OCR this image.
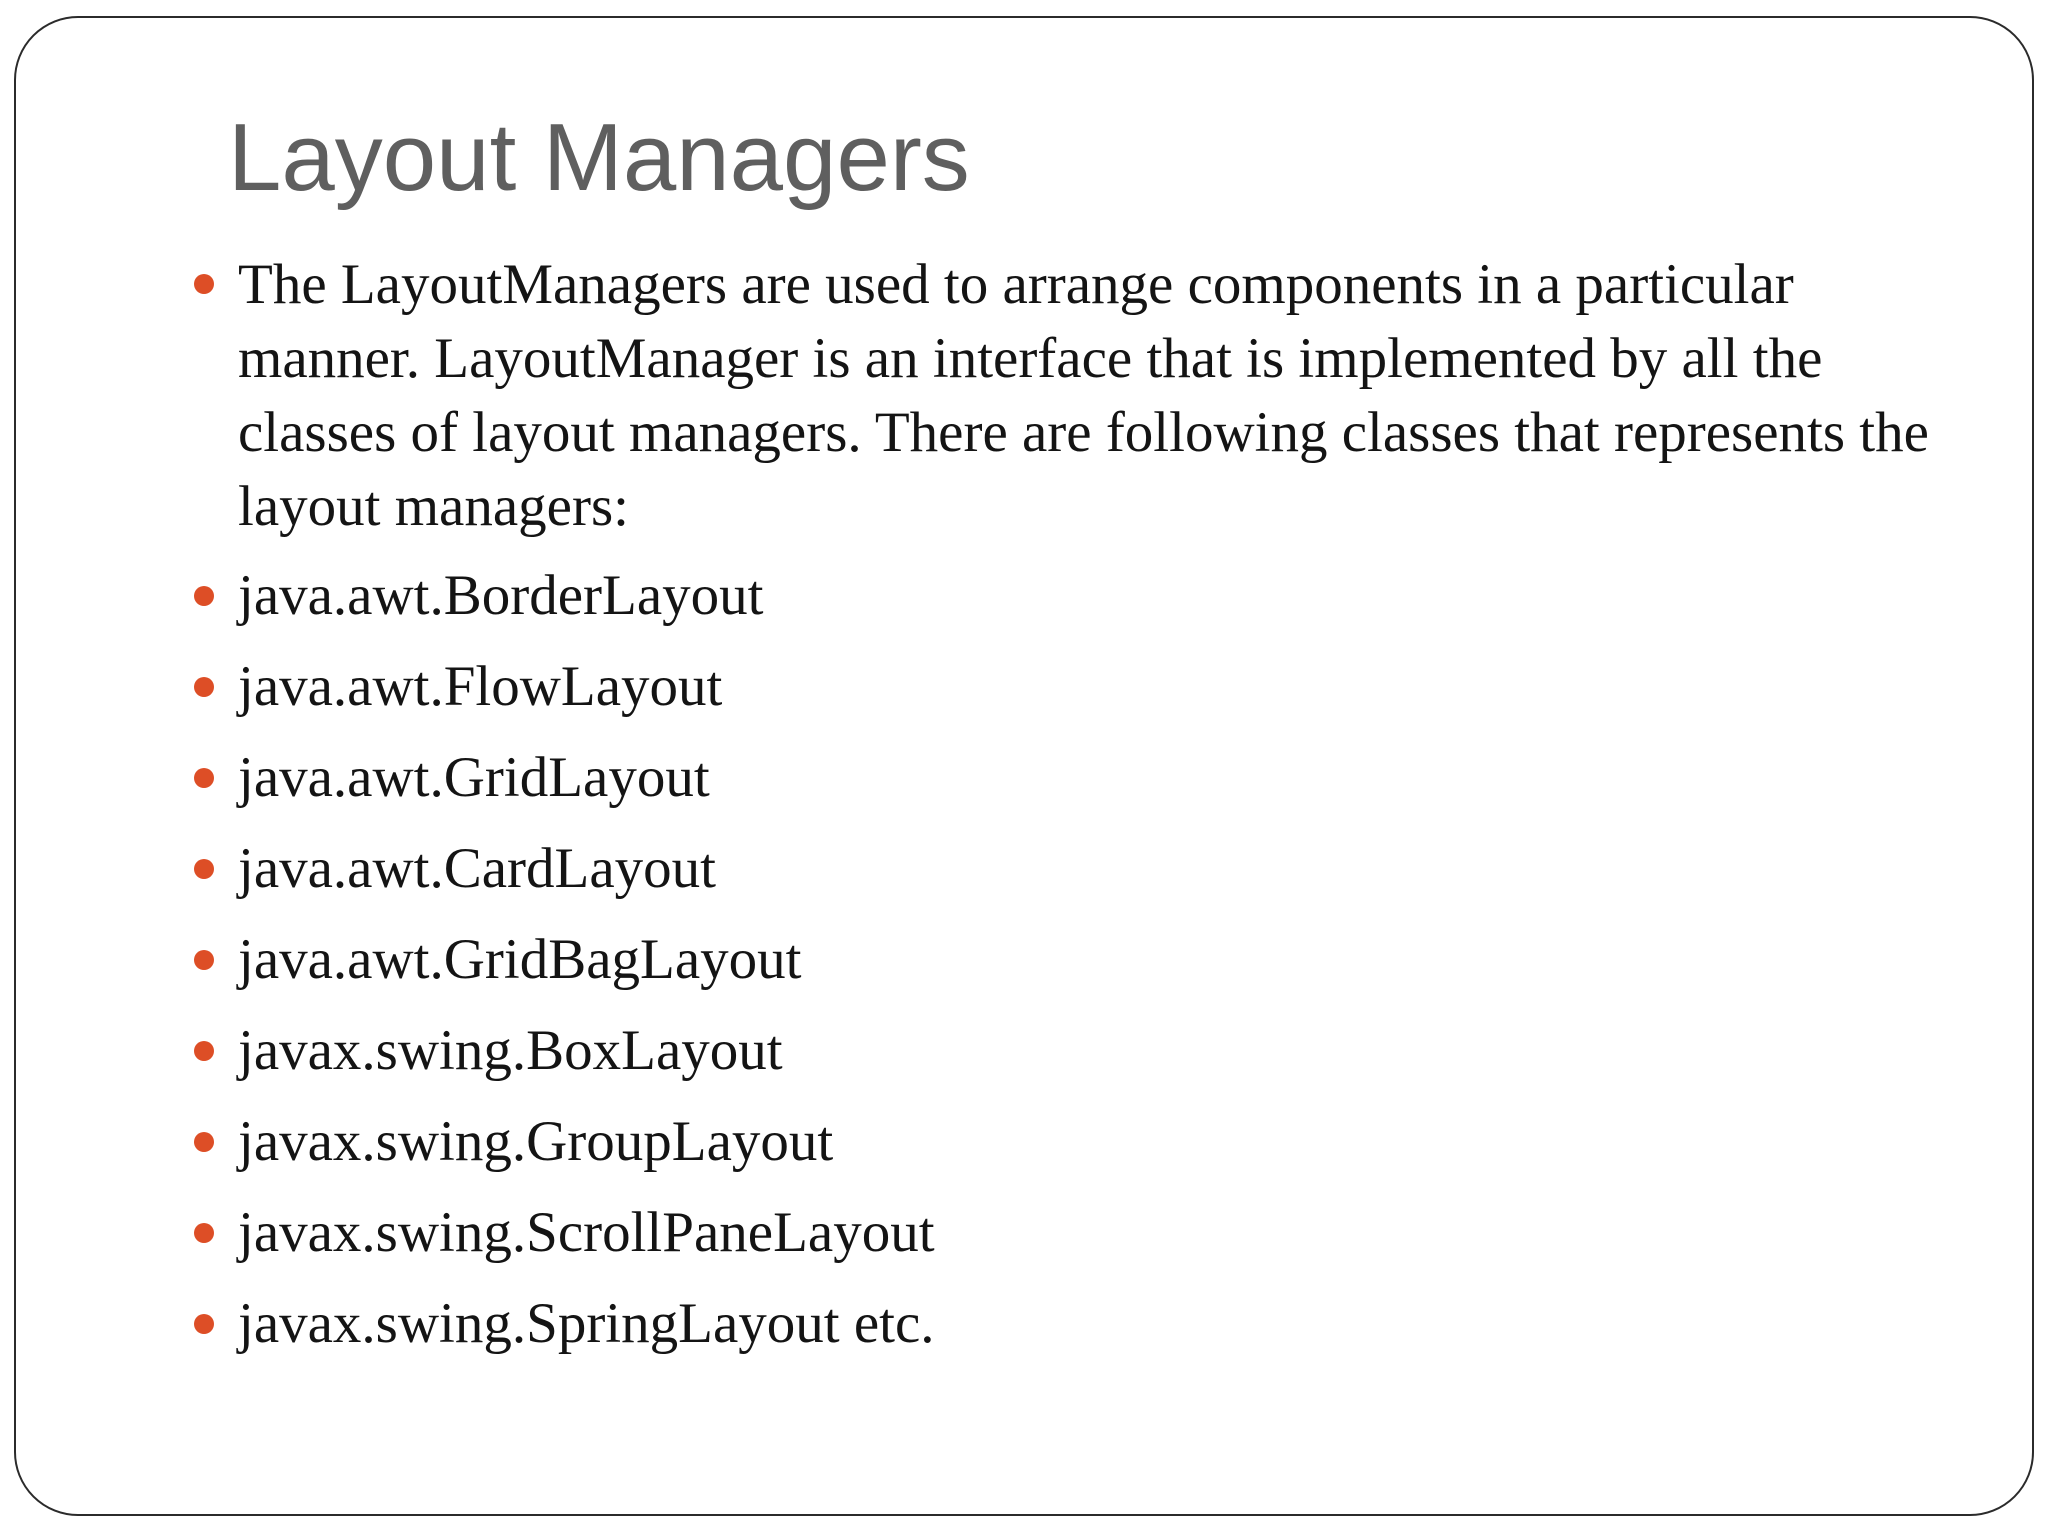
Layout Managers
The LayoutManagers are used to arrange components in a particular manner. LayoutManager is an interface that is implemented by all the classes of layout managers. There are following classes that represents the layout managers:
java.awt.BorderLayout
java.awt.FlowLayout
java.awt.GridLayout
java.awt.CardLayout
java.awt.GridBagLayout
javax.swing.BoxLayout
javax.swing.GroupLayout
javax.swing.ScrollPaneLayout
javax.swing.SpringLayout etc.
